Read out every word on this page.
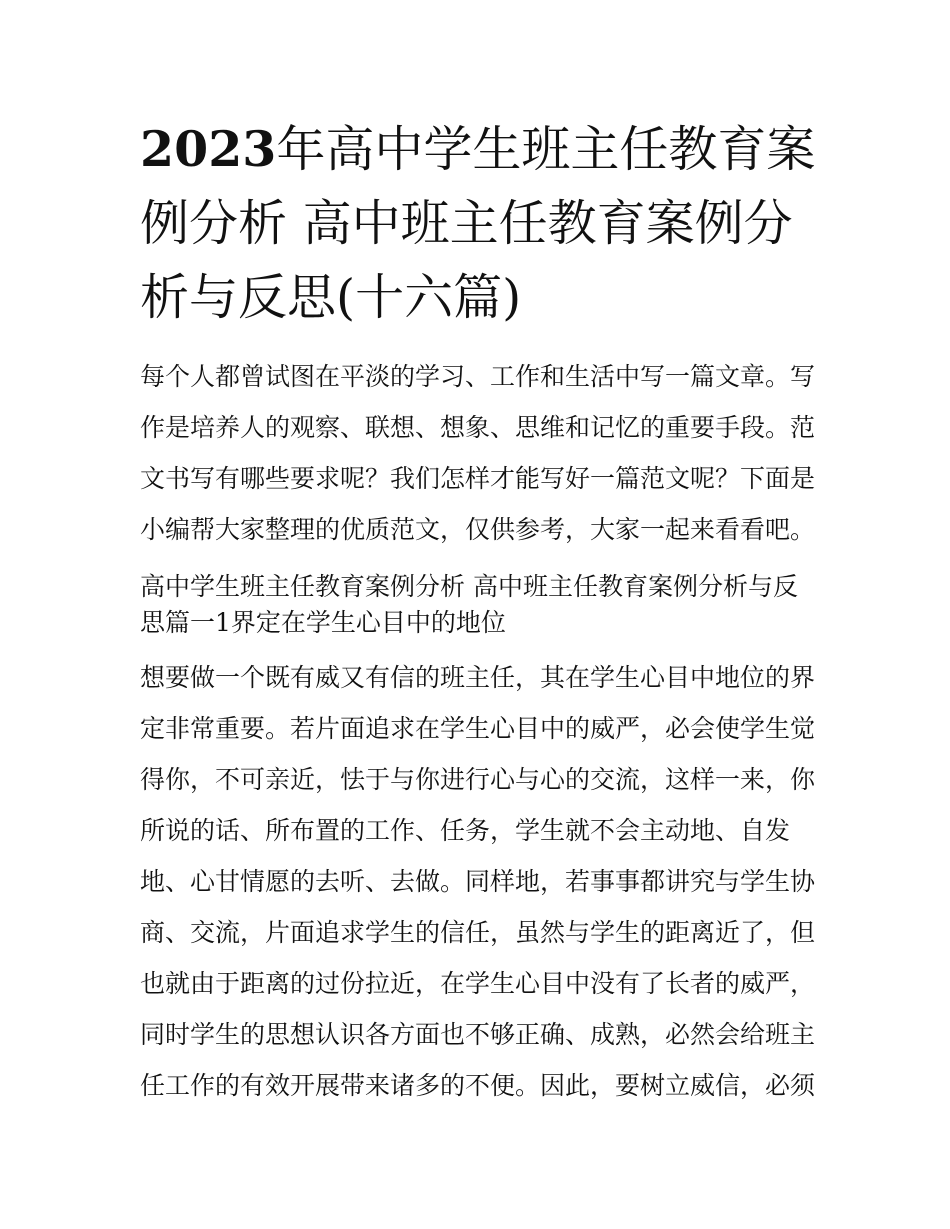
2023年高中学生班主任教育案
例分析 高中班主任教育案例分
析与反思(十六篇)
每个人都曾试图在平淡的学习、工作和生活中写一篇文章。写
作是培养人的观察、联想、想象、思维和记忆的重要手段。范
文书写有哪些要求呢？我们怎样才能写好一篇范文呢？下面是
小编帮大家整理的优质范文，仅供参考，大家一起来看看吧。
高中学生班主任教育案例分析 高中班主任教育案例分析与反
思篇一1界定在学生心目中的地位
想要做一个既有威又有信的班主任，其在学生心目中地位的界
定非常重要。若片面追求在学生心目中的威严，必会使学生觉
得你，不可亲近，怯于与你进行心与心的交流，这样一来，你
所说的话、所布置的工作、任务，学生就不会主动地、自发
地、心甘情愿的去听、去做。同样地，若事事都讲究与学生协
商、交流，片面追求学生的信任，虽然与学生的距离近了，但
也就由于距离的过份拉近，在学生心目中没有了长者的威严，
同时学生的思想认识各方面也不够正确、成熟，必然会给班主
任工作的有效开展带来诸多的不便。因此，要树立威信，必须
